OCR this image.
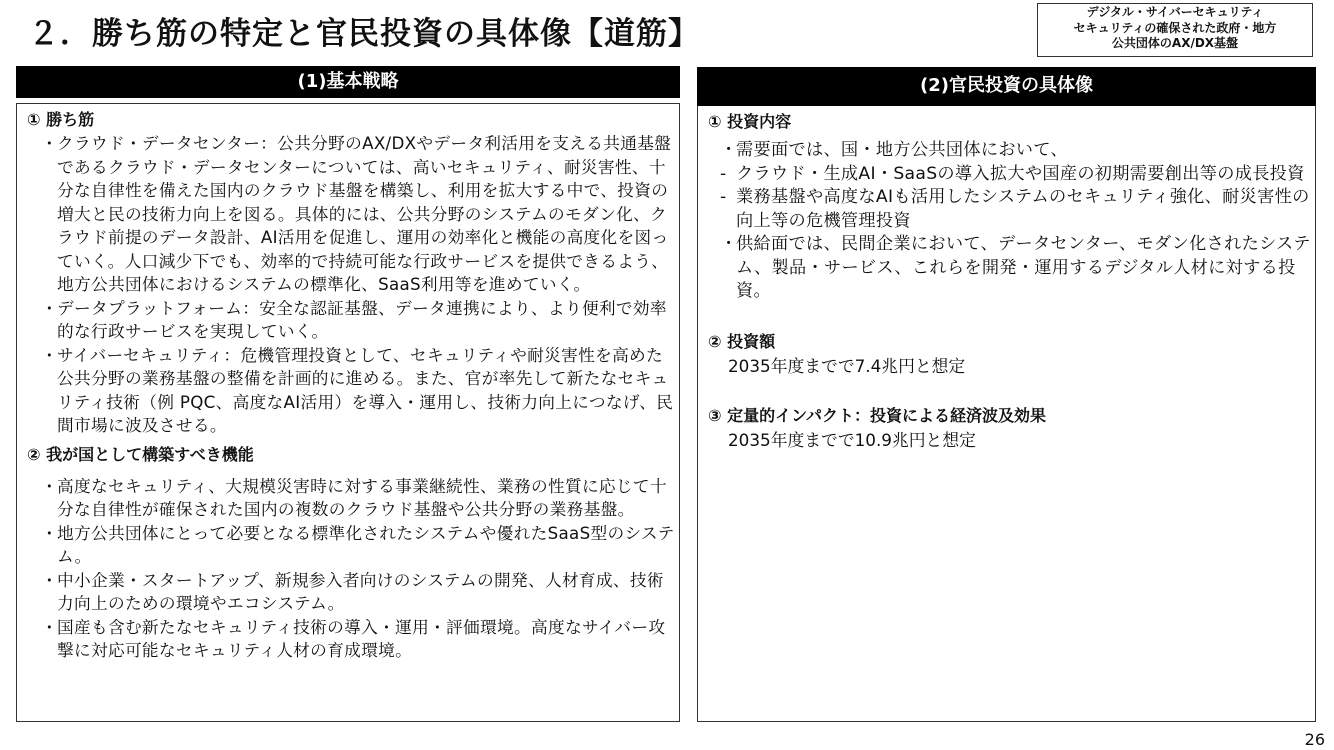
２．勝ち筋の特定と官民投資の具体像【道筋】
デジタル・サイバーセキュリティ
セキュリティの確保された政府・地方
公共団体のAX/DX基盤
(1)基本戦略
① 勝ち筋
・ クラウド・データセンター：公共分野のAX/DXやデータ利活用を支える共通基盤であるクラウド・データセンターについては、高いセキュリティ、耐災害性、十分な自律性を備えた国内のクラウド基盤を構築し、利用を拡大する中で、投資の増大と民の技術力向上を図る。具体的には、公共分野のシステムのモダン化、クラウド前提のデータ設計、AI活用を促進し、運用の効率化と機能の高度化を図っていく。人口減少下でも、効率的で持続可能な行政サービスを提供できるよう、地方公共団体におけるシステムの標準化、SaaS利用等を進めていく。
・ データプラットフォーム：安全な認証基盤、データ連携により、より便利で効率的な行政サービスを実現していく。
・ サイバーセキュリティ：危機管理投資として、セキュリティや耐災害性を高めた公共分野の業務基盤の整備を計画的に進める。また、官が率先して新たなセキュリティ技術（例 PQC、高度なAI活用）を導入・運用し、技術力向上につなげ、民間市場に波及させる。
② 我が国として構築すべき機能
・ 高度なセキュリティ、大規模災害時に対する事業継続性、業務の性質に応じて十分な自律性が確保された国内の複数のクラウド基盤や公共分野の業務基盤。
・ 地方公共団体にとって必要となる標準化されたシステムや優れたSaaS型のシステム。
・ 中小企業・スタートアップ、新規参入者向けのシステムの開発、人材育成、技術力向上のための環境やエコシステム。
・ 国産も含む新たなセキュリティ技術の導入・運用・評価環境。高度なサイバー攻撃に対応可能なセキュリティ人材の育成環境。
(2)官民投資の具体像
① 投資内容
・
需要面では、国・地方公共団体において、
- クラウド・生成AI・SaaSの導入拡大や国産の初期需要創出等の成長投資
- 業務基盤や高度なAIも活用したシステムのセキュリティ強化、耐災害性の向上等の危機管理投資
・
供給面では、民間企業において、データセンター、モダン化されたシステム、製品・サービス、これらを開発・運用するデジタル人材に対する投資。
② 投資額
2035年度までで7.4兆円と想定
③ 定量的インパクト：投資による経済波及効果
2035年度までで10.9兆円と想定
26
